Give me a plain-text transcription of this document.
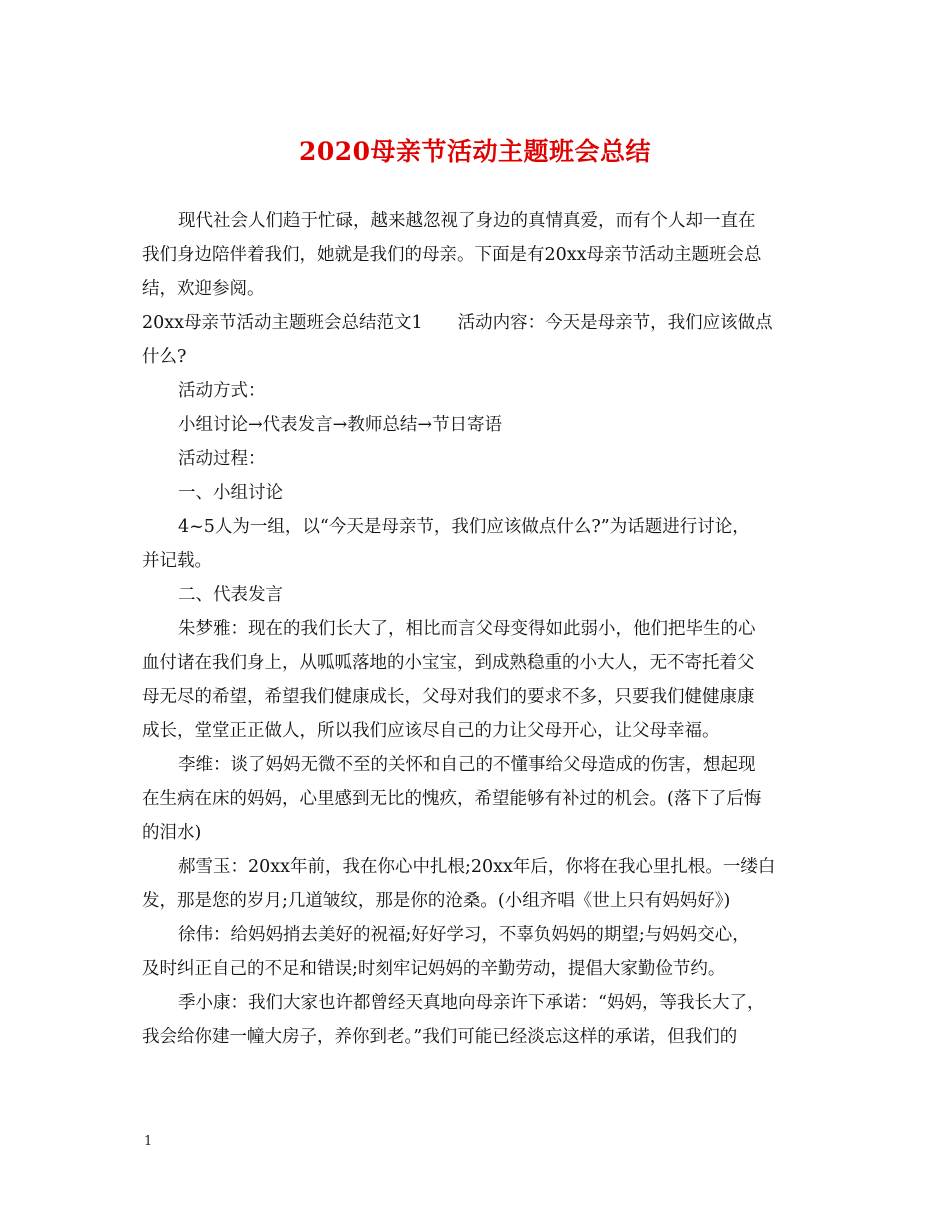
2020母亲节活动主题班会总结
现代社会人们趋于忙碌，越来越忽视了身边的真情真爱，而有个人却一直在
我们身边陪伴着我们，她就是我们的母亲。下面是有20xx母亲节活动主题班会总
结，欢迎参阅。
20xx母亲节活动主题班会总结范文1　　活动内容：今天是母亲节，我们应该做点
什么?
活动方式：
小组讨论→代表发言→教师总结→节日寄语
活动过程：
一、小组讨论
4~5人为一组，以“今天是母亲节，我们应该做点什么?”为话题进行讨论，
并记载。
二、代表发言
朱梦雅：现在的我们长大了，相比而言父母变得如此弱小，他们把毕生的心
血付诸在我们身上，从呱呱落地的小宝宝，到成熟稳重的小大人，无不寄托着父
母无尽的希望，希望我们健康成长，父母对我们的要求不多，只要我们健健康康
成长，堂堂正正做人，所以我们应该尽自己的力让父母开心，让父母幸福。
李维：谈了妈妈无微不至的关怀和自己的不懂事给父母造成的伤害，想起现
在生病在床的妈妈，心里感到无比的愧疚，希望能够有补过的机会。(落下了后悔
的泪水)
郝雪玉：20xx年前，我在你心中扎根;20xx年后，你将在我心里扎根。一缕白
发，那是您的岁月;几道皱纹，那是你的沧桑。(小组齐唱《世上只有妈妈好》)
徐伟：给妈妈捎去美好的祝福;好好学习，不辜负妈妈的期望;与妈妈交心，
及时纠正自己的不足和错误;时刻牢记妈妈的辛勤劳动，提倡大家勤俭节约。
季小康：我们大家也许都曾经天真地向母亲许下承诺：“妈妈，等我长大了，
我会给你建一幢大房子，养你到老。”我们可能已经淡忘这样的承诺，但我们的
1
